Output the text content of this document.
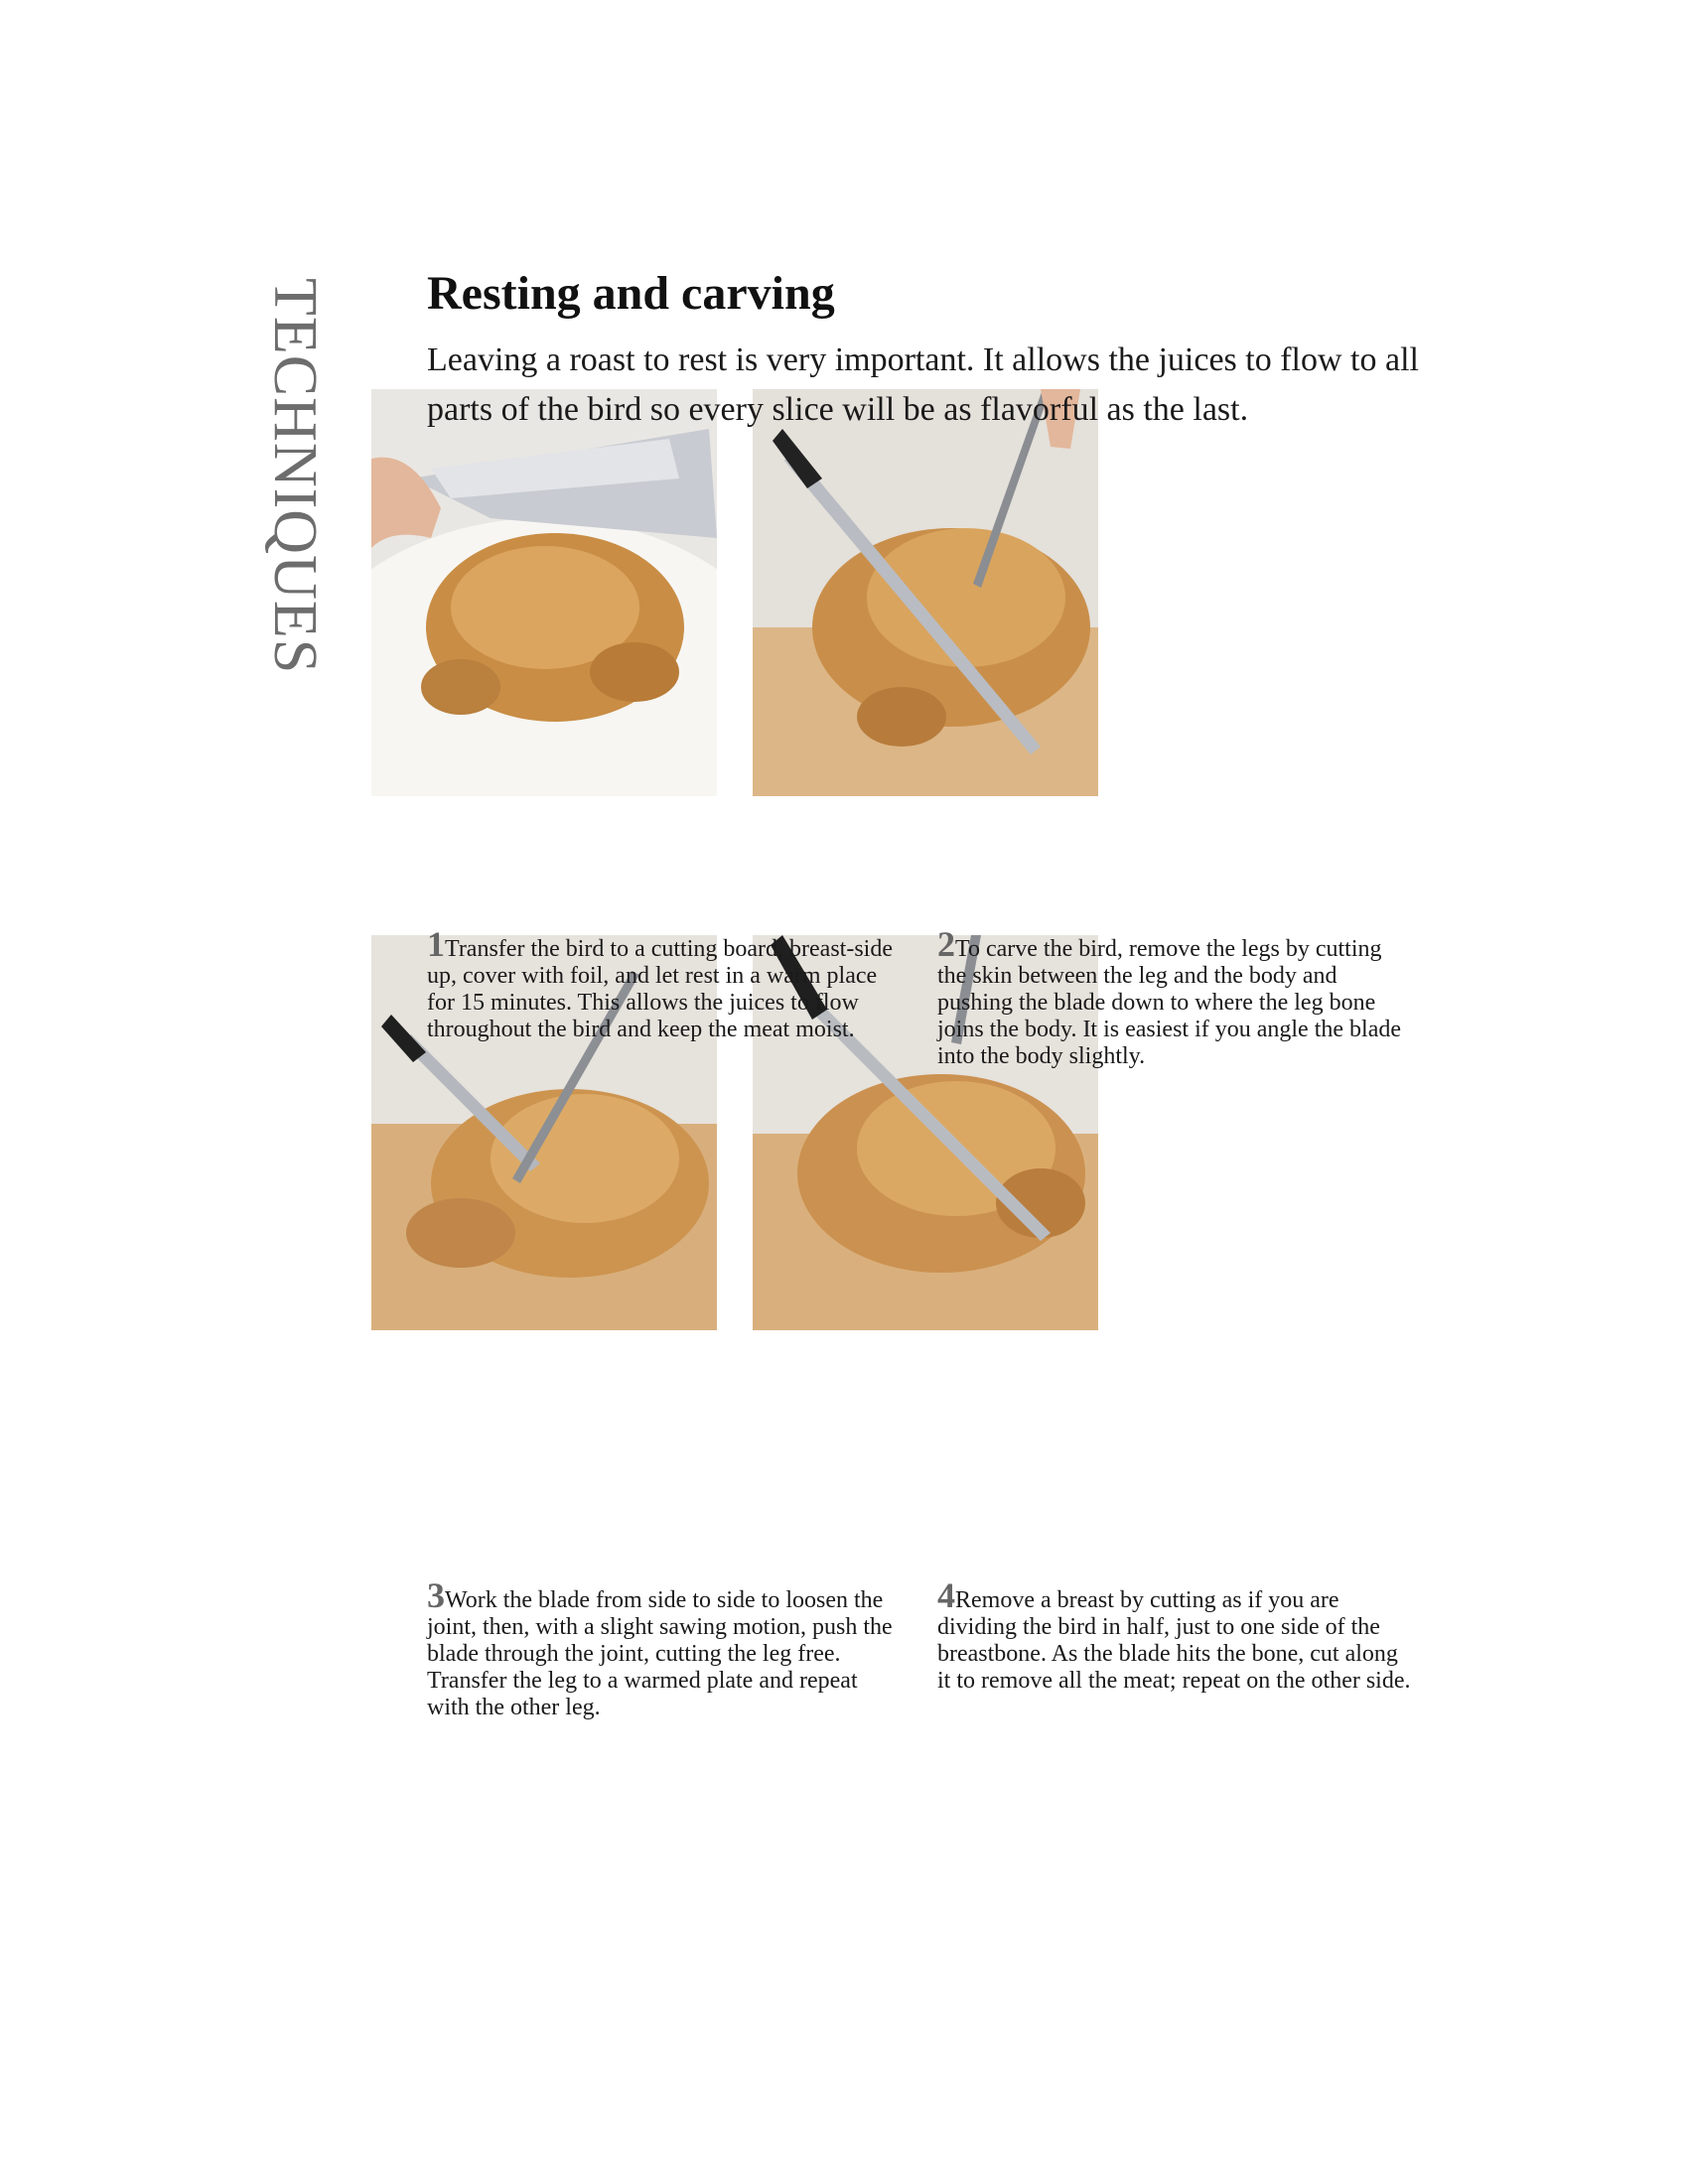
TECHNIQUES Resting and carving

Leaving a roast to rest is very important. It allows the juices to flow to all parts of the bird so every slice will be as flavorful as the last.

1Transfer the bird to a cutting board, breast-side up, cover with foil, and let rest in a warm place for 15 minutes. This allows the juices to flow throughout the bird and keep the meat moist.

2To carve the bird, remove the legs by cutting the skin between the leg and the body and pushing the blade down to where the leg bone joins the body. It is easiest if you angle the blade into the body slightly.

3Work the blade from side to side to loosen the joint, then, with a slight sawing motion, push the blade through the joint, cutting the leg free. Transfer the leg to a warmed plate and repeat with the other leg.

4Remove a breast by cutting as if you are dividing the bird in half, just to one side of the breastbone. As the blade hits the bone, cut along it to remove all the meat; repeat on the other side.
